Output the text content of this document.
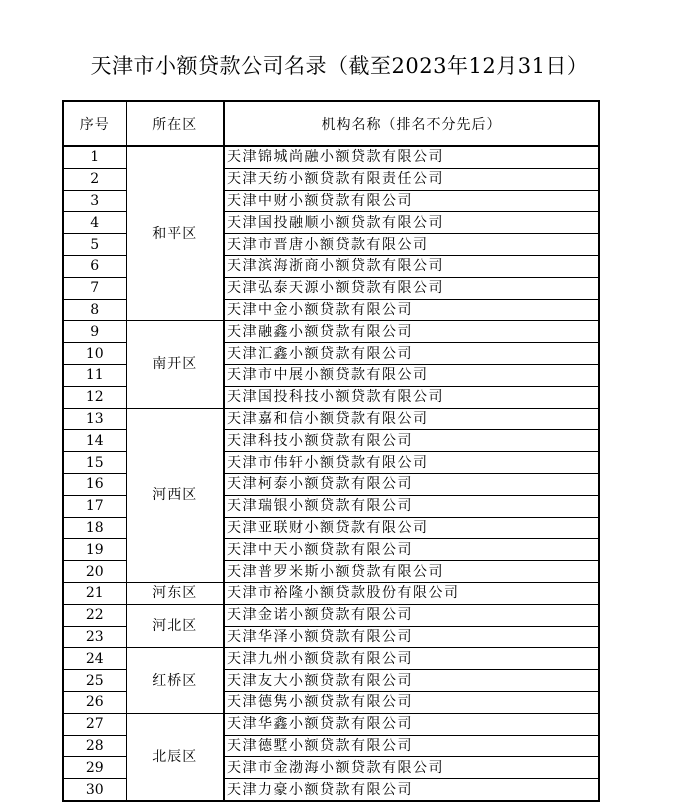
天津市小额贷款公司名录（截至2023年12月31日）
序号	所在区	机构名称（排名不分先后）
1	和平区	天津锦城尚融小额贷款有限公司
2		天津天纺小额贷款有限责任公司
3		天津中财小额贷款有限公司
4		天津国投融顺小额贷款有限公司
5		天津市晋唐小额贷款有限公司
6		天津滨海浙商小额贷款有限公司
7		天津弘泰天源小额贷款有限公司
8		天津中金小额贷款有限公司
9	南开区	天津融鑫小额贷款有限公司
10		天津汇鑫小额贷款有限公司
11		天津市中展小额贷款有限公司
12		天津国投科技小额贷款有限公司
13	河西区	天津嘉和信小额贷款有限公司
14		天津科技小额贷款有限公司
15		天津市伟轩小额贷款有限公司
16		天津柯泰小额贷款有限公司
17		天津瑞银小额贷款有限公司
18		天津亚联财小额贷款有限公司
19		天津中天小额贷款有限公司
20		天津普罗米斯小额贷款有限公司
21	河东区	天津市裕隆小额贷款股份有限公司
22	河北区	天津金诺小额贷款有限公司
23		天津华泽小额贷款有限公司
24	红桥区	天津九州小额贷款有限公司
25		天津友大小额贷款有限公司
26		天津德隽小额贷款有限公司
27	北辰区	天津华鑫小额贷款有限公司
28		天津德墅小额贷款有限公司
29		天津市金渤海小额贷款有限公司
30		天津力豪小额贷款有限公司
